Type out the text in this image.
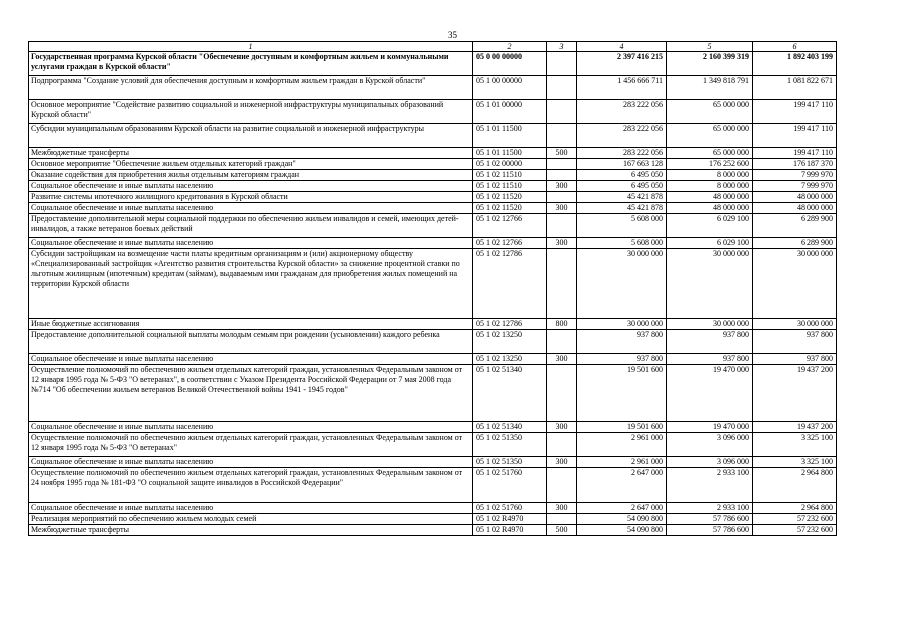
35
1	2	3	4	5	6
Государственная программа Курской области "Обеспечение доступным и комфортным жильем и коммунальными услугами граждан в Курской области"	05 0 00 00000		2 397 416 215	2 160 399 319	1 892 403 199
Подпрограмма "Создание условий для обеспечения доступным и комфортным жильем граждан в Курской области"	05 1 00 00000		1 456 666 711	1 349 818 791	1 081 822 671
Основное мероприятие "Содействие развитию социальной и инженерной инфраструктуры муниципальных образований Курской области"	05 1 01 00000		283 222 056	65 000 000	199 417 110
Субсидии муниципальным образованиям Курской области на развитие социальной и инженерной инфраструктуры	05 1 01 11500		283 222 056	65 000 000	199 417 110
Межбюджетные трансферты	05 1 01 11500	500	283 222 056	65 000 000	199 417 110
Основное мероприятие "Обеспечение жильем отдельных категорий граждан"	05 1 02 00000		167 663 128	176 252 600	176 187 370
Оказание содействия для приобретения жилья отдельным категориям граждан	05 1 02 11510		6 495 050	8 000 000	7 999 970
Социальное обеспечение и иные выплаты населению	05 1 02 11510	300	6 495 050	8 000 000	7 999 970
Развитие системы ипотечного жилищного кредитования в Курской области	05 1 02 11520		45 421 878	48 000 000	48 000 000
Социальное обеспечение и иные выплаты населению	05 1 02 11520	300	45 421 878	48 000 000	48 000 000
Предоставление дополнительной меры социальной поддержки по обеспечению жильем инвалидов и семей, имеющих детей-инвалидов, а также ветеранов боевых действий	05 1 02 12766		5 608 000	6 029 100	6 289 900
Социальное обеспечение и иные выплаты населению	05 1 02 12766	300	5 608 000	6 029 100	6 289 900
Субсидии застройщикам на возмещение части платы кредитным организациям и (или) акционерному обществу «Специализированный застройщик «Агентство развития строительства Курской области» за снижение процентной ставки по льготным жилищным (ипотечным) кредитам (займам), выдаваемым ими гражданам для приобретения жилых помещений на территории Курской области	05 1 02 12786		30 000 000	30 000 000	30 000 000
Иные бюджетные ассигнования	05 1 02 12786	800	30 000 000	30 000 000	30 000 000
Предоставление дополнительной социальной выплаты молодым семьям при рождении (усыновлении) каждого ребенка	05 1 02 13250		937 800	937 800	937 800
Социальное обеспечение и иные выплаты населению	05 1 02 13250	300	937 800	937 800	937 800
Осуществление полномочий по обеспечению жильем отдельных категорий граждан, установленных Федеральным законом от 12 января 1995 года № 5-ФЗ "О ветеранах", в соответствии с Указом Президента Российской Федерации от 7 мая 2008 года №714 "Об обеспечении жильем ветеранов Великой Отечественной войны 1941 - 1945 годов"	05 1 02 51340		19 501 600	19 470 000	19 437 200
Социальное обеспечение и иные выплаты населению	05 1 02 51340	300	19 501 600	19 470 000	19 437 200
Осуществление полномочий по обеспечению жильем отдельных категорий граждан, установленных Федеральным законом от 12 января 1995 года № 5-ФЗ "О ветеранах"	05 1 02 51350		2 961 000	3 096 000	3 325 100
Социальное обеспечение и иные выплаты населению	05 1 02 51350	300	2 961 000	3 096 000	3 325 100
Осуществление полномочий по обеспечению жильем отдельных категорий граждан, установленных Федеральным законом от 24 ноября 1995 года № 181-ФЗ "О социальной защите инвалидов в Российской Федерации"	05 1 02 51760		2 647 000	2 933 100	2 964 800
Социальное обеспечение и иные выплаты населению	05 1 02 51760	300	2 647 000	2 933 100	2 964 800
Реализация мероприятий по обеспечению жильем молодых семей	05 1 02 R4970		54 090 800	57 786 600	57 232 600
Межбюджетные трансферты	05 1 02 R4970	500	54 090 800	57 786 600	57 232 600
